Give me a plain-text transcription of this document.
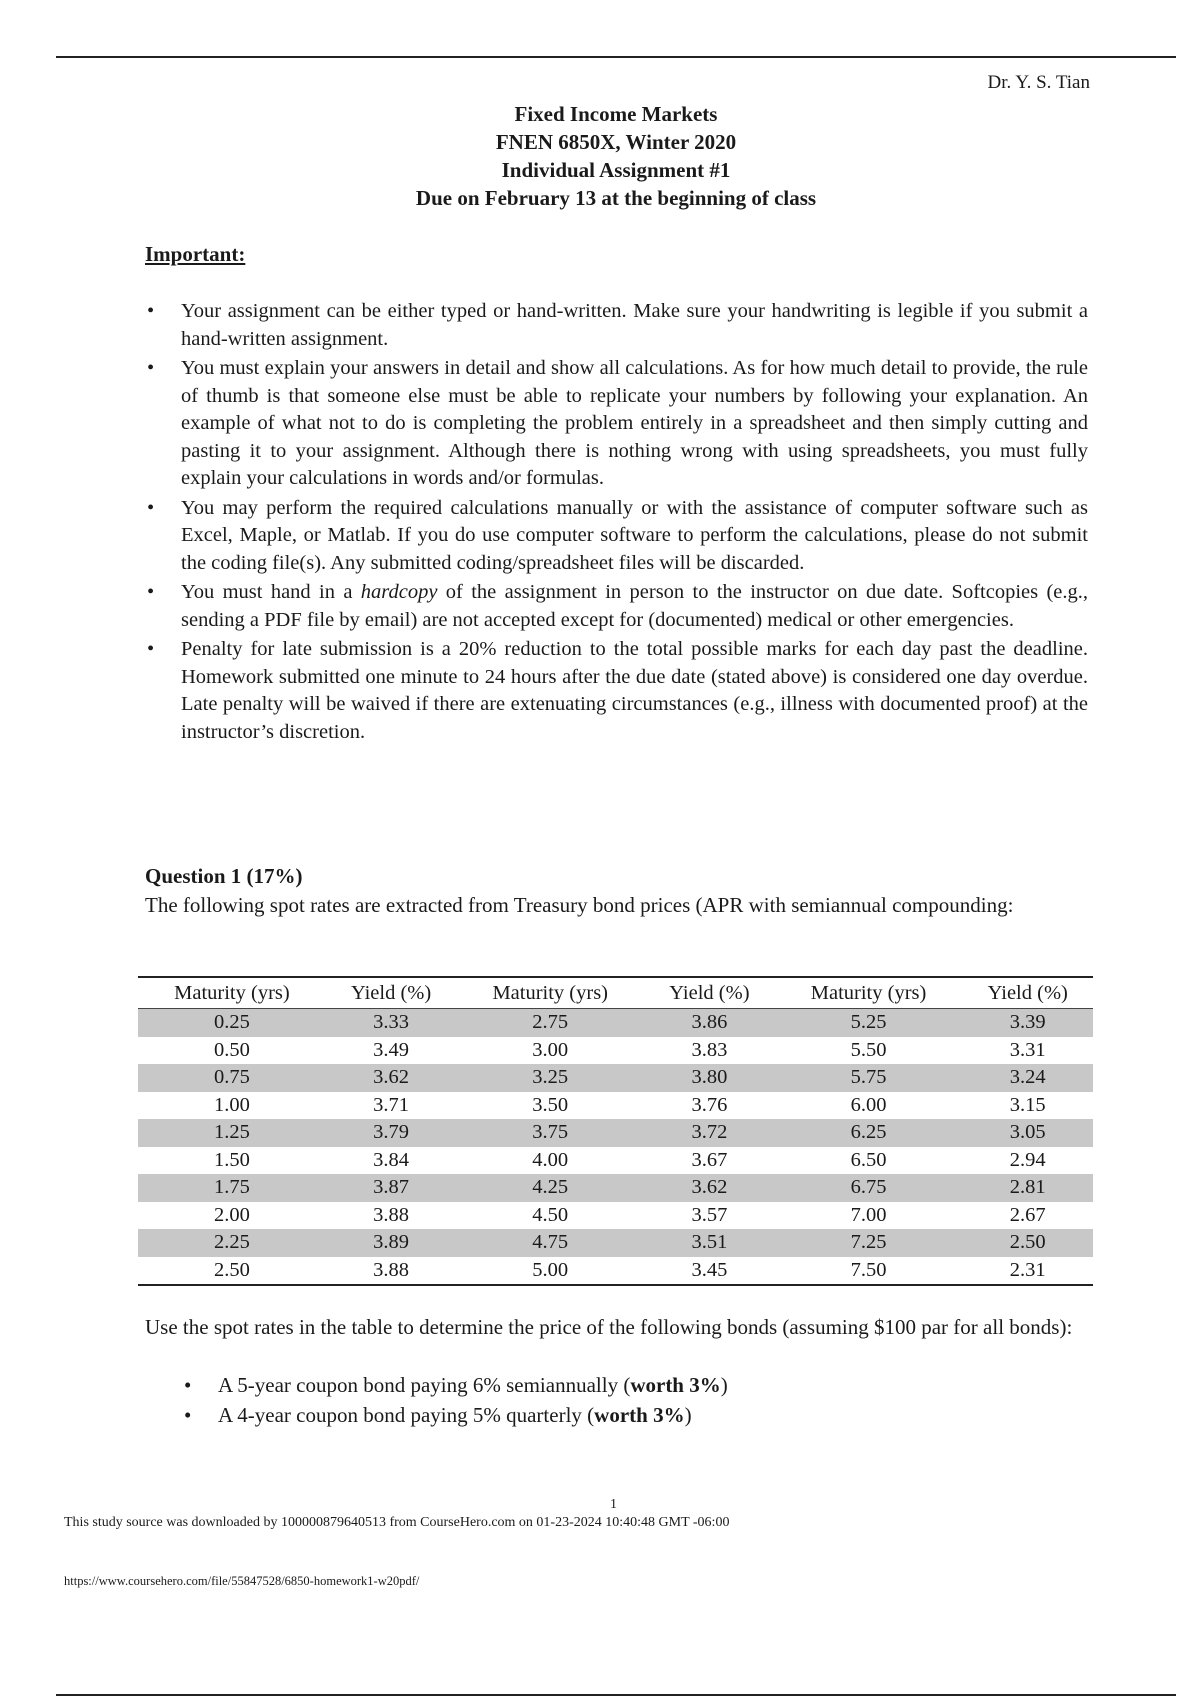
Dr. Y. S. Tian
Fixed Income Markets
FNEN 6850X, Winter 2020
Individual Assignment #1
Due on February 13 at the beginning of class
Important:
• Your assignment can be either typed or hand-written. Make sure your handwriting is legible if you submit a hand-written assignment.
• You must explain your answers in detail and show all calculations. As for how much detail to provide, the rule of thumb is that someone else must be able to replicate your numbers by following your explanation. An example of what not to do is completing the problem entirely in a spreadsheet and then simply cutting and pasting it to your assignment. Although there is nothing wrong with using spreadsheets, you must fully explain your calculations in words and/or formulas.
• You may perform the required calculations manually or with the assistance of computer software such as Excel, Maple, or Matlab. If you do use computer software to perform the calculations, please do not submit the coding file(s). Any submitted coding/spreadsheet files will be discarded.
• You must hand in a hardcopy of the assignment in person to the instructor on due date. Softcopies (e.g., sending a PDF file by email) are not accepted except for (documented) medical or other emergencies.
• Penalty for late submission is a 20% reduction to the total possible marks for each day past the deadline. Homework submitted one minute to 24 hours after the due date (stated above) is considered one day overdue. Late penalty will be waived if there are extenuating circumstances (e.g., illness with documented proof) at the instructor’s discretion.
Question 1 (17%)
The following spot rates are extracted from Treasury bond prices (APR with semiannual compounding:
Maturity (yrs)	Yield (%)	Maturity (yrs)	Yield (%)	Maturity (yrs)	Yield (%)
0.25	3.33	2.75	3.86	5.25	3.39
0.50	3.49	3.00	3.83	5.50	3.31
0.75	3.62	3.25	3.80	5.75	3.24
1.00	3.71	3.50	3.76	6.00	3.15
1.25	3.79	3.75	3.72	6.25	3.05
1.50	3.84	4.00	3.67	6.50	2.94
1.75	3.87	4.25	3.62	6.75	2.81
2.00	3.88	4.50	3.57	7.00	2.67
2.25	3.89	4.75	3.51	7.25	2.50
2.50	3.88	5.00	3.45	7.50	2.31
Use the spot rates in the table to determine the price of the following bonds (assuming $100 par for all bonds):
• A 5-year coupon bond paying 6% semiannually (worth 3%)
• A 4-year coupon bond paying 5% quarterly (worth 3%)
1
This study source was downloaded by 100000879640513 from CourseHero.com on 01-23-2024 10:40:48 GMT -06:00
https://www.coursehero.com/file/55847528/6850-homework1-w20pdf/
